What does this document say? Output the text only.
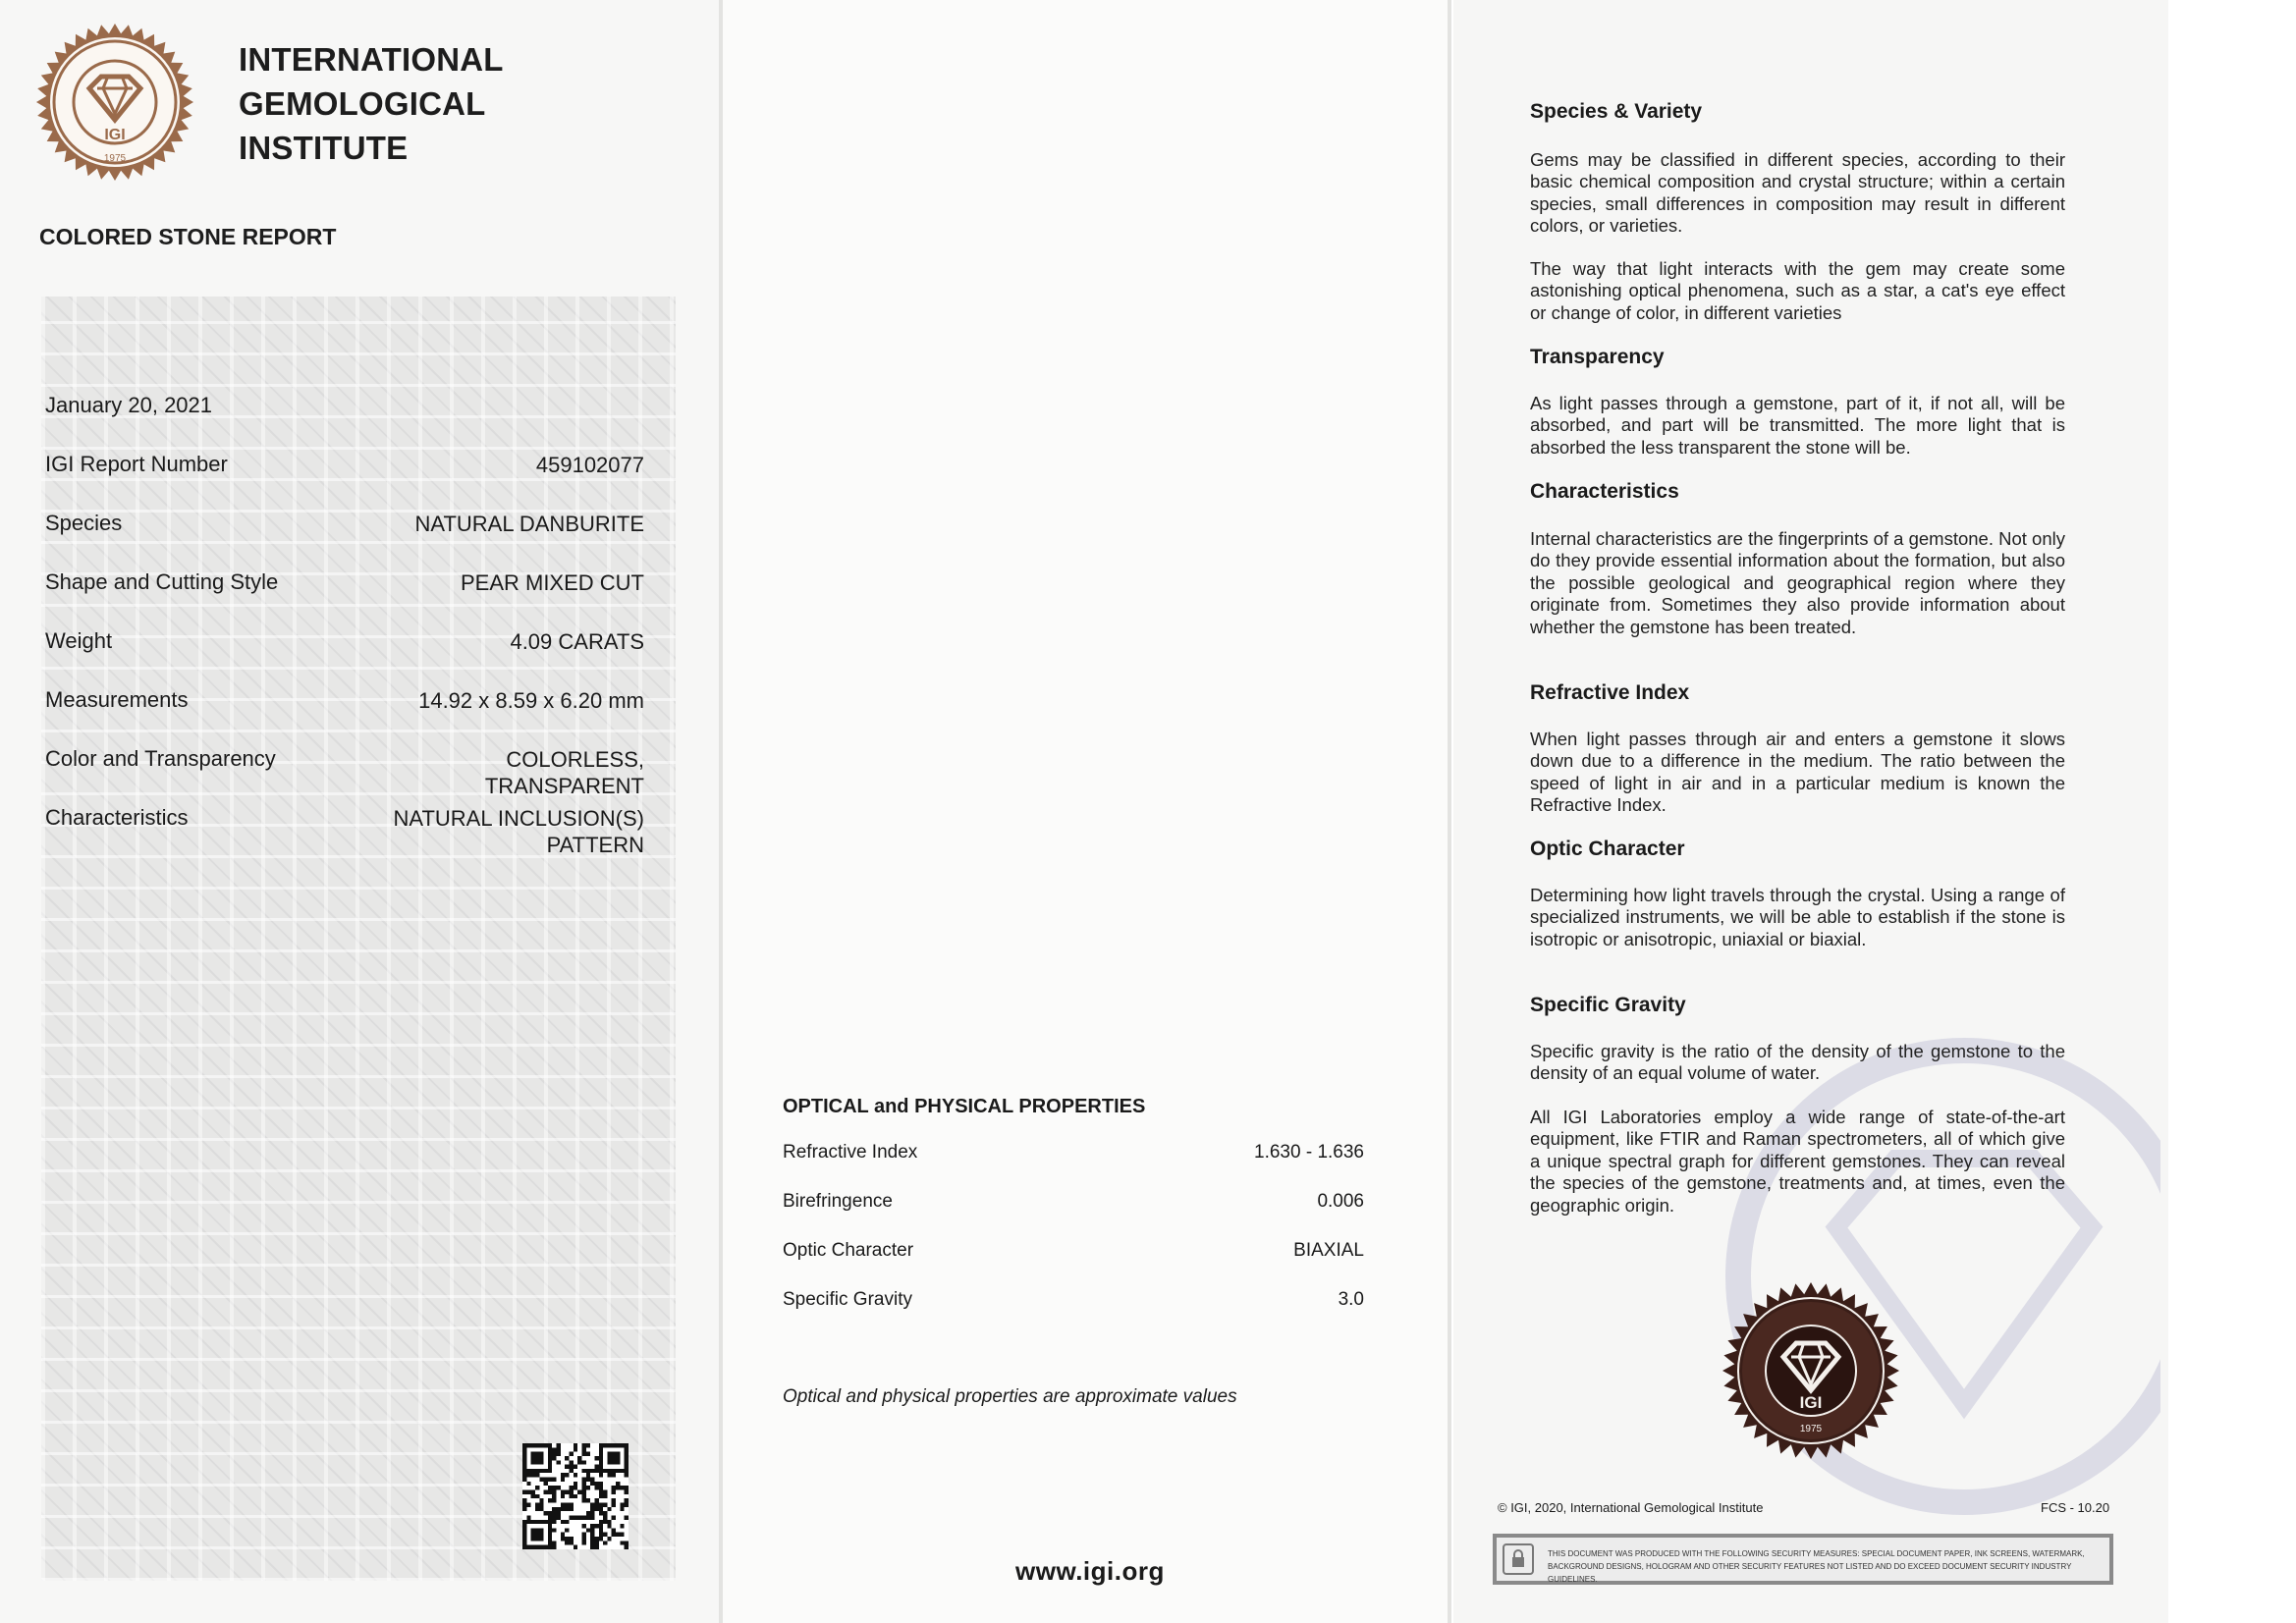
IGI
1975
INTERNATIONAL
GEMOLOGICAL
INSTITUTE
COLORED STONE REPORT
January 20, 2021
IGI Report Number	459102077
Species	NATURAL DANBURITE
Shape and Cutting Style	PEAR MIXED CUT
Weight	4.09 CARATS
Measurements	14.92 x 8.59 x 6.20 mm
Color and Transparency	COLORLESS,
TRANSPARENT
Characteristics	NATURAL INCLUSION(S)
PATTERN
OPTICAL and PHYSICAL PROPERTIES
Refractive Index	1.630 - 1.636
Birefringence	0.006
Optic Character	BIAXIAL
Specific Gravity	3.0
Optical and physical properties are approximate values
www.igi.org
Species & Variety
Gems may be classified in different species, according to their basic chemical composition and crystal structure; within a certain species, small differences in composition may result in different colors, or varieties.
The way that light interacts with the gem may create some astonishing optical phenomena, such as a star, a cat's eye effect or change of color, in different varieties
Transparency
As light passes through a gemstone, part of it, if not all, will be absorbed, and part will be transmitted. The more light that is absorbed the less transparent the stone will be.
Characteristics
Internal characteristics are the fingerprints of a gemstone. Not only do they provide essential information about the formation, but also the possible geological and geographical region where they originate from. Sometimes they also provide information about whether the gemstone has been treated.
Refractive Index
When light passes through air and enters a gemstone it slows down due to a difference in the medium. The ratio between the speed of light in air and in a particular medium is known the Refractive Index.
Optic Character
Determining how light travels through the crystal. Using a range of specialized instruments, we will be able to establish if the stone is isotropic or anisotropic, uniaxial or biaxial.
Specific Gravity
Specific gravity is the ratio of the density of the gemstone to the density of an equal volume of water.
All IGI Laboratories employ a wide range of state-of-the-art equipment, like FTIR and Raman spectrometers, all of which give a unique spectral graph for different gemstones. They can reveal the species of the gemstone, treatments and, at times, even the geographic origin.
IGI
1975
© IGI, 2020, International Gemological Institute	FCS - 10.20
THIS DOCUMENT WAS PRODUCED WITH THE FOLLOWING SECURITY MEASURES: SPECIAL DOCUMENT PAPER, INK SCREENS, WATERMARK,
BACKGROUND DESIGNS, HOLOGRAM AND OTHER SECURITY FEATURES NOT LISTED AND DO EXCEED DOCUMENT SECURITY INDUSTRY GUIDELINES.
